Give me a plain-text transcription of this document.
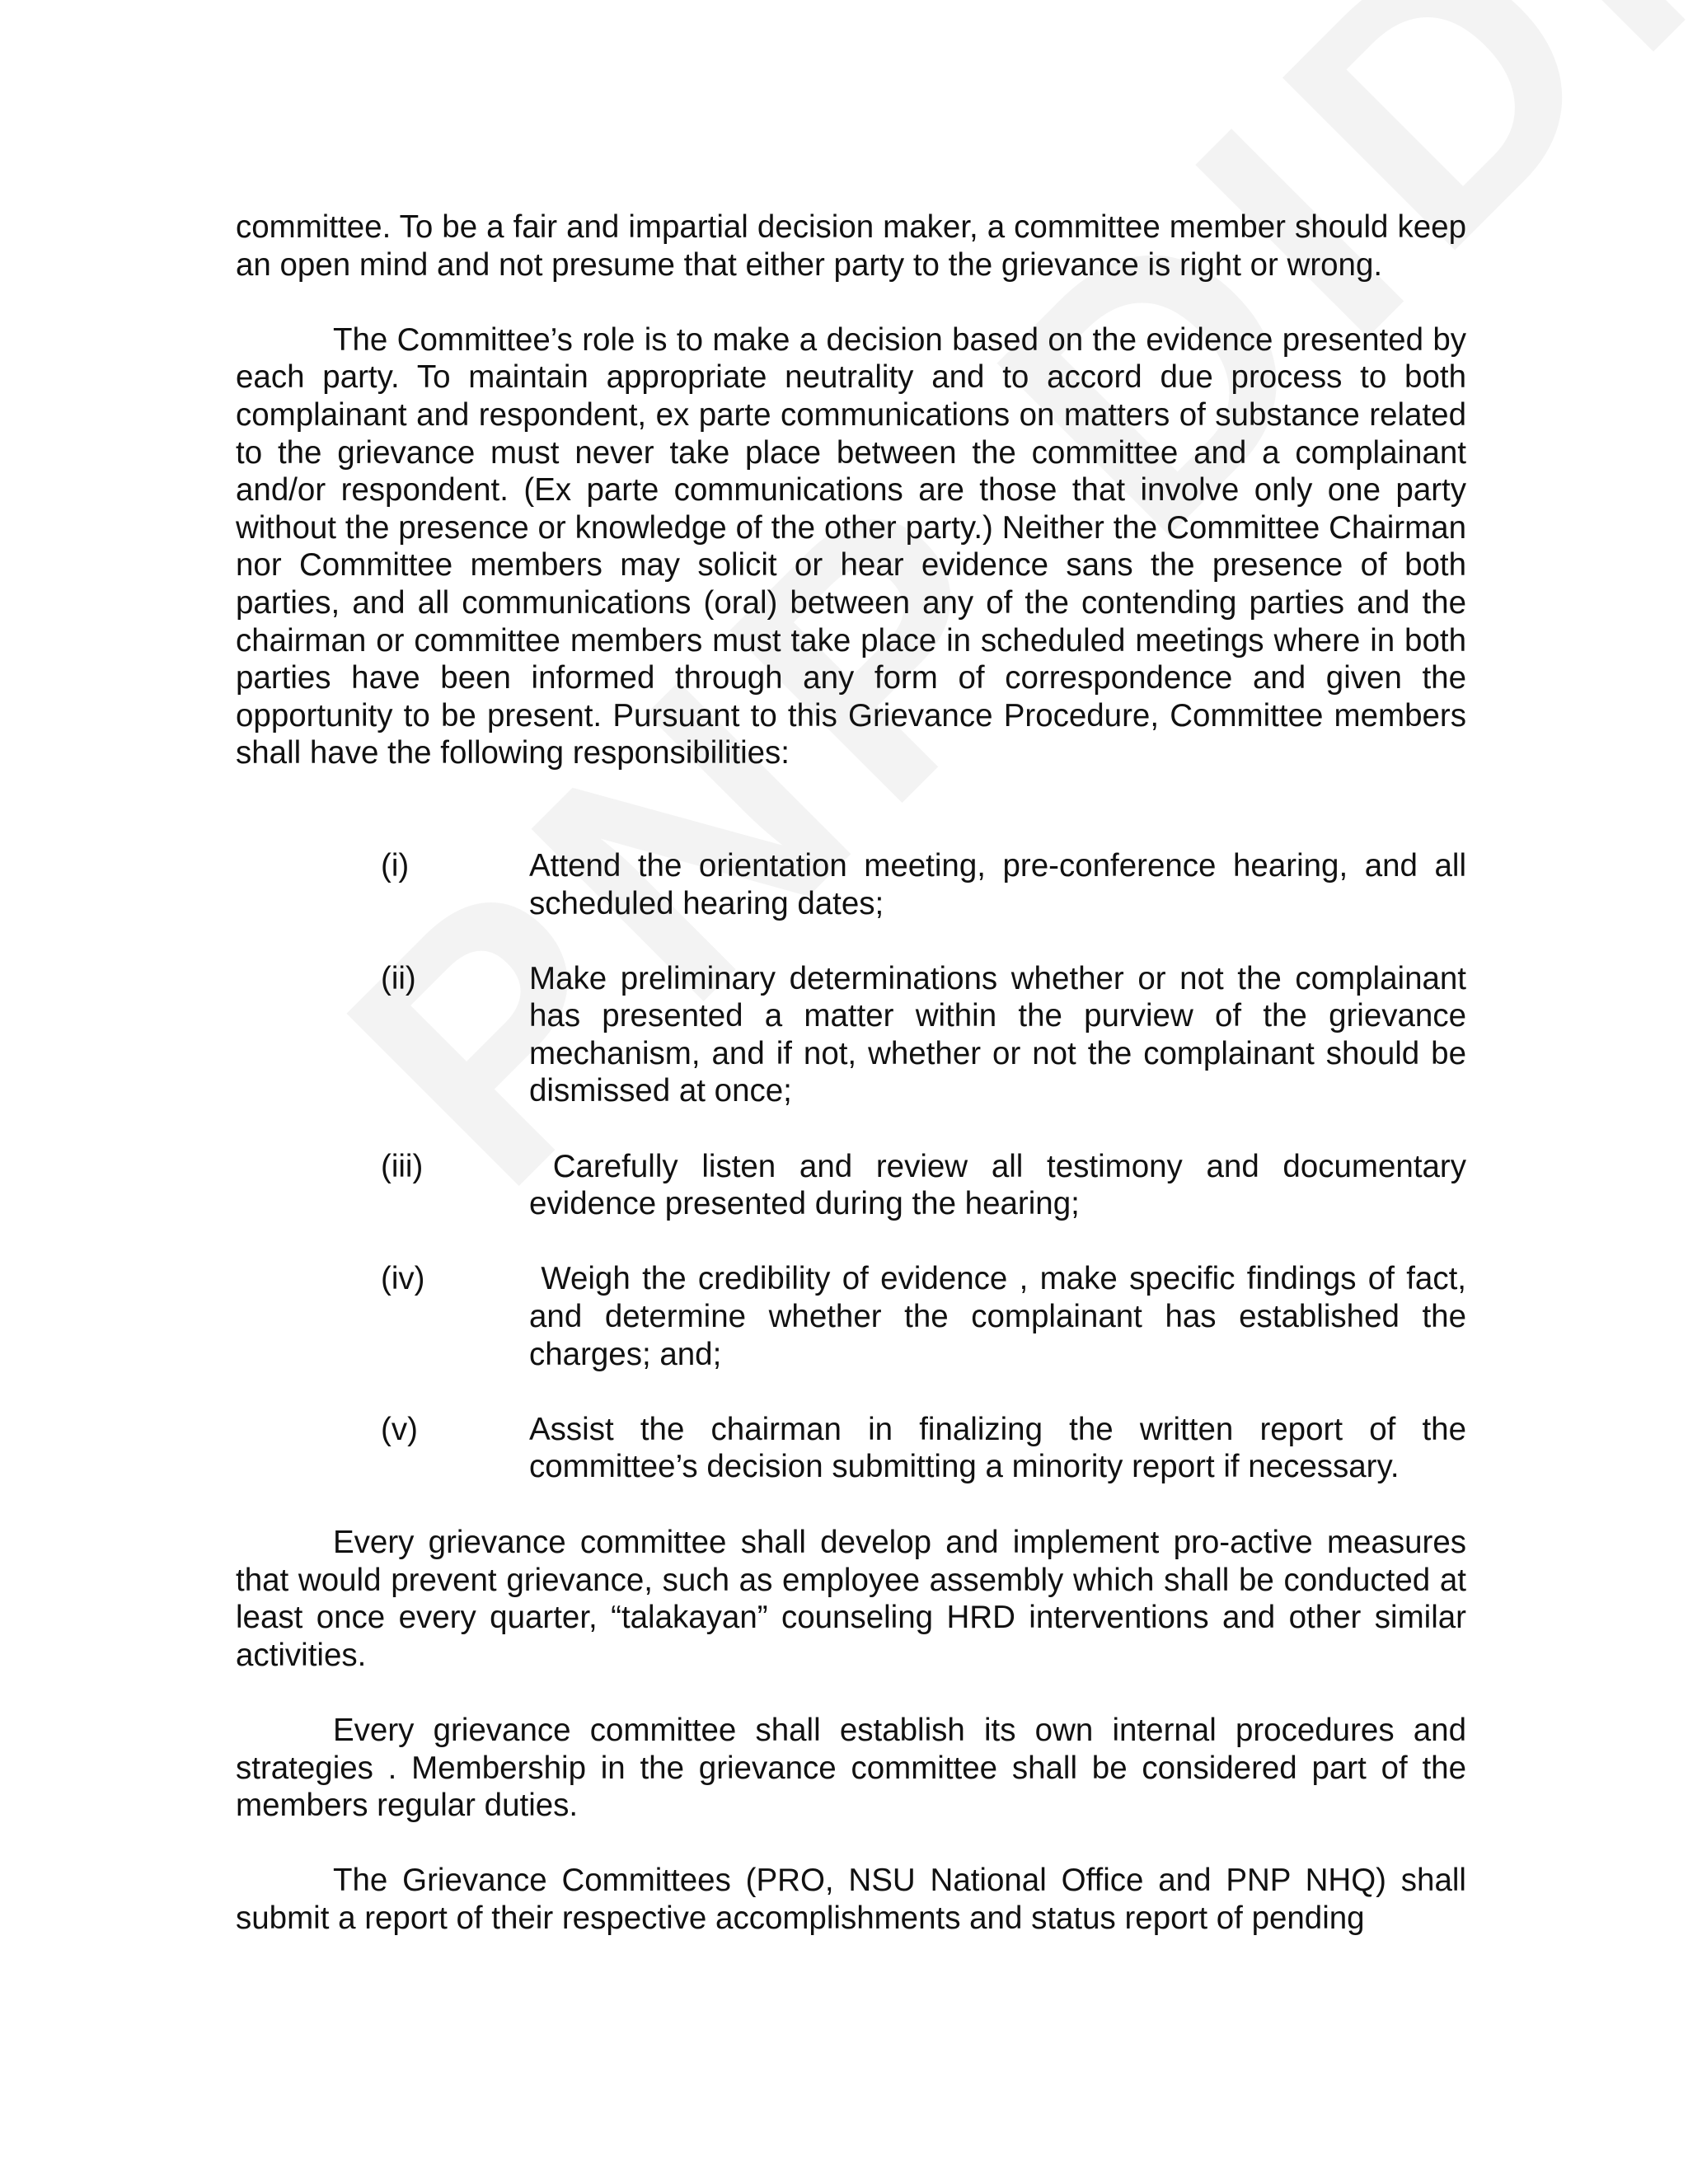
committee. To be a fair and impartial decision maker, a committee member should keep an open mind and not presume that either party to the grievance is right or wrong.

The Committee’s role is to make a decision based on the evidence presented by each party. To maintain appropriate neutrality and to accord due process to both complainant and respondent, ex parte communications on matters of substance related to the grievance must never take place between the committee and a complainant and/or respondent. (Ex parte communications are those that involve only one party without the presence or knowledge of the other party.) Neither the Committee Chairman nor Committee members may solicit or hear evidence sans the presence of both parties, and all communications (oral) between any of the contending parties and the chairman or committee members must take place in scheduled meetings where in both parties have been informed through any form of correspondence and given the opportunity to be present. Pursuant to this Grievance Procedure, Committee members shall have the following responsibilities:

(i)	Attend the orientation meeting, pre-conference hearing, and all scheduled hearing dates;
(ii)	Make preliminary determinations whether or not the complainant has presented a matter within the purview of the grievance mechanism, and if not, whether or not the complainant should be dismissed at once;
(iii)	Carefully listen and review all testimony and documentary evidence presented during the hearing;
(iv)	Weigh the credibility of evidence , make specific findings of fact, and determine whether the complainant has established the charges; and;
(v)	Assist the chairman in finalizing the written report of the committee’s decision submitting a minority report if necessary.

Every grievance committee shall develop and implement pro-active measures that would prevent grievance, such as employee assembly which shall be conducted at least once every quarter, “talakayan” counseling HRD interventions and other similar activities.

Every grievance committee shall establish its own internal procedures and strategies . Membership in the grievance committee shall be considered part of the members regular duties.

The Grievance Committees (PRO, NSU National Office and PNP NHQ) shall submit a report of their respective accomplishments and status report of pending
